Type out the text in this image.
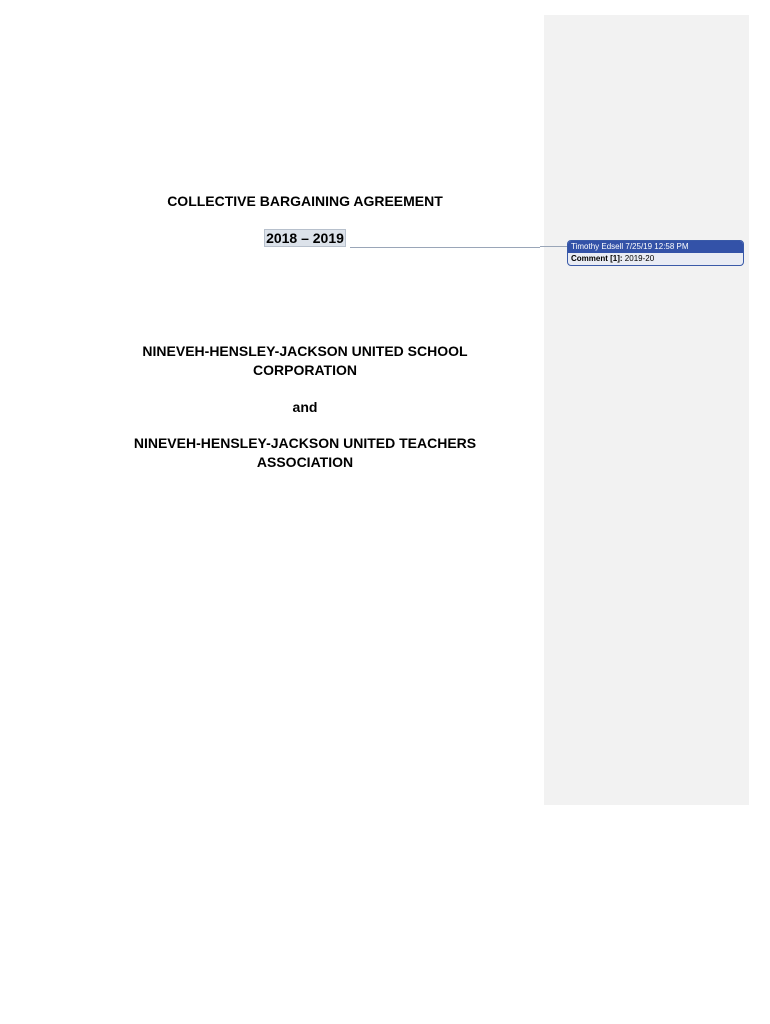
COLLECTIVE BARGAINING AGREEMENT

2018 – 2019

Timothy Edsell 7/25/19 12:58 PM
Comment [1]: 2019-20

NINEVEH-HENSLEY-JACKSON UNITED SCHOOL
CORPORATION

and

NINEVEH-HENSLEY-JACKSON UNITED TEACHERS
ASSOCIATION
